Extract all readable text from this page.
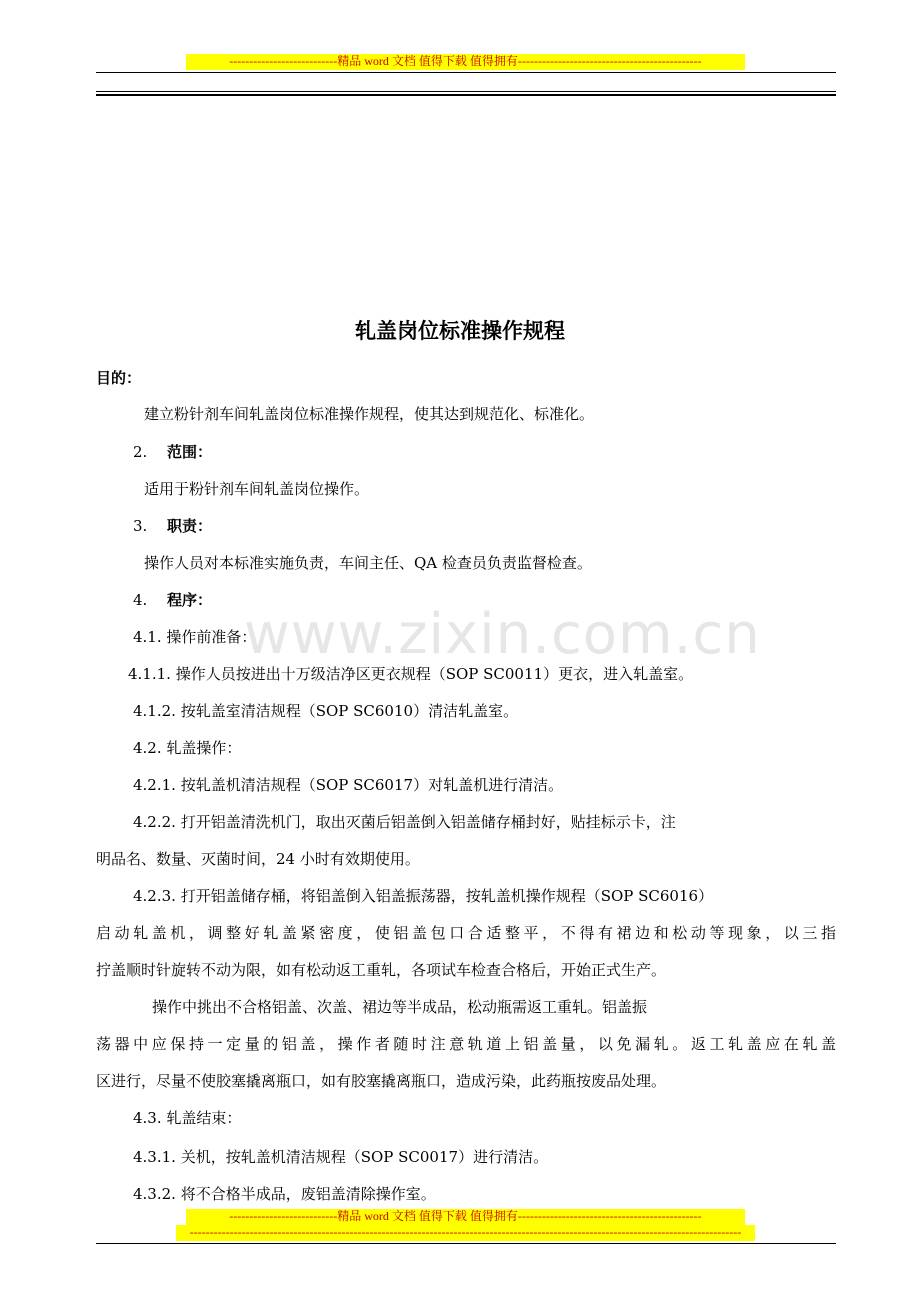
---------------------------精品 word 文档 值得下载 值得拥有----------------------------------------------
www.zixin.com.cn
轧盖岗位标准操作规程
目的：
建立粉针剂车间轧盖岗位标准操作规程，使其达到规范化、标准化。
2. 范围：
适用于粉针剂车间轧盖岗位操作。
3. 职责：
操作人员对本标准实施负责，车间主任、QA 检查员负责监督检查。
4. 程序：
4.1. 操作前准备：
4.1.1. 操作人员按进出十万级洁净区更衣规程（SOP SC0011）更衣，进入轧盖室。
4.1.2. 按轧盖室清洁规程（SOP SC6010）清洁轧盖室。
4.2. 轧盖操作：
4.2.1. 按轧盖机清洁规程（SOP SC6017）对轧盖机进行清洁。
4.2.2. 打开铝盖清洗机门，取出灭菌后铝盖倒入铝盖储存桶封好，贴挂标示卡，注
明品名、数量、灭菌时间，24 小时有效期使用。
4.2.3. 打开铝盖储存桶，将铝盖倒入铝盖振荡器，按轧盖机操作规程（SOP SC6016）
启动轧盖机，调整好轧盖紧密度，使铝盖包口合适整平，不得有裙边和松动等现象，以三指
拧盖顺时针旋转不动为限，如有松动返工重轧，各项试车检查合格后，开始正式生产。
操作中挑出不合格铝盖、次盖、裙边等半成品，松动瓶需返工重轧。铝盖振
荡器中应保持一定量的铝盖，操作者随时注意轨道上铝盖量，以免漏轧。返工轧盖应在轧盖
区进行，尽量不使胶塞撬离瓶口，如有胶塞撬离瓶口，造成污染，此药瓶按废品处理。
4.3. 轧盖结束：
4.3.1. 关机，按轧盖机清洁规程（SOP SC0017）进行清洁。
4.3.2. 将不合格半成品，废铝盖清除操作室。
---------------------------精品 word 文档 值得下载 值得拥有----------------------------------------------
------------------------------------------------------------------------------------------------------------------------------------------
